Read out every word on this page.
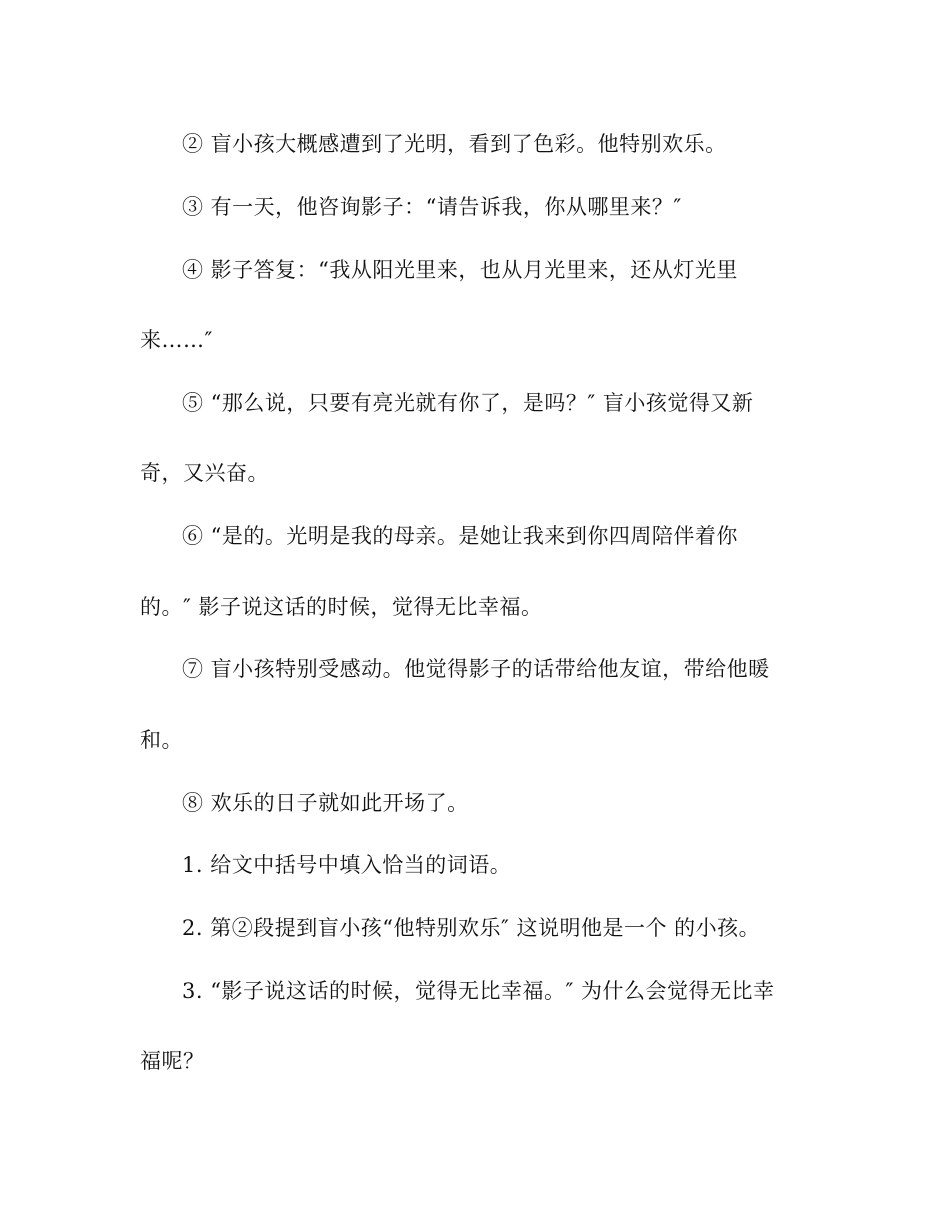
② 盲小孩大概感遭到了光明，看到了色彩。他特别欢乐。
③ 有一天，他咨询影子：“请告诉我，你从哪里来？″
④ 影子答复：“我从阳光里来，也从月光里来，还从灯光里
来……″
⑤ “那么说，只要有亮光就有你了，是吗？″ 盲小孩觉得又新
奇，又兴奋。
⑥ “是的。光明是我的母亲。是她让我来到你四周陪伴着你
的。″ 影子说这话的时候，觉得无比幸福。
⑦ 盲小孩特别受感动。他觉得影子的话带给他友谊，带给他暖
和。
⑧ 欢乐的日子就如此开场了。
1. 给文中括号中填入恰当的词语。
2. 第②段提到盲小孩“他特别欢乐″ 这说明他是一个 的小孩。
3. “影子说这话的时候，觉得无比幸福。″ 为什么会觉得无比幸
福呢？
